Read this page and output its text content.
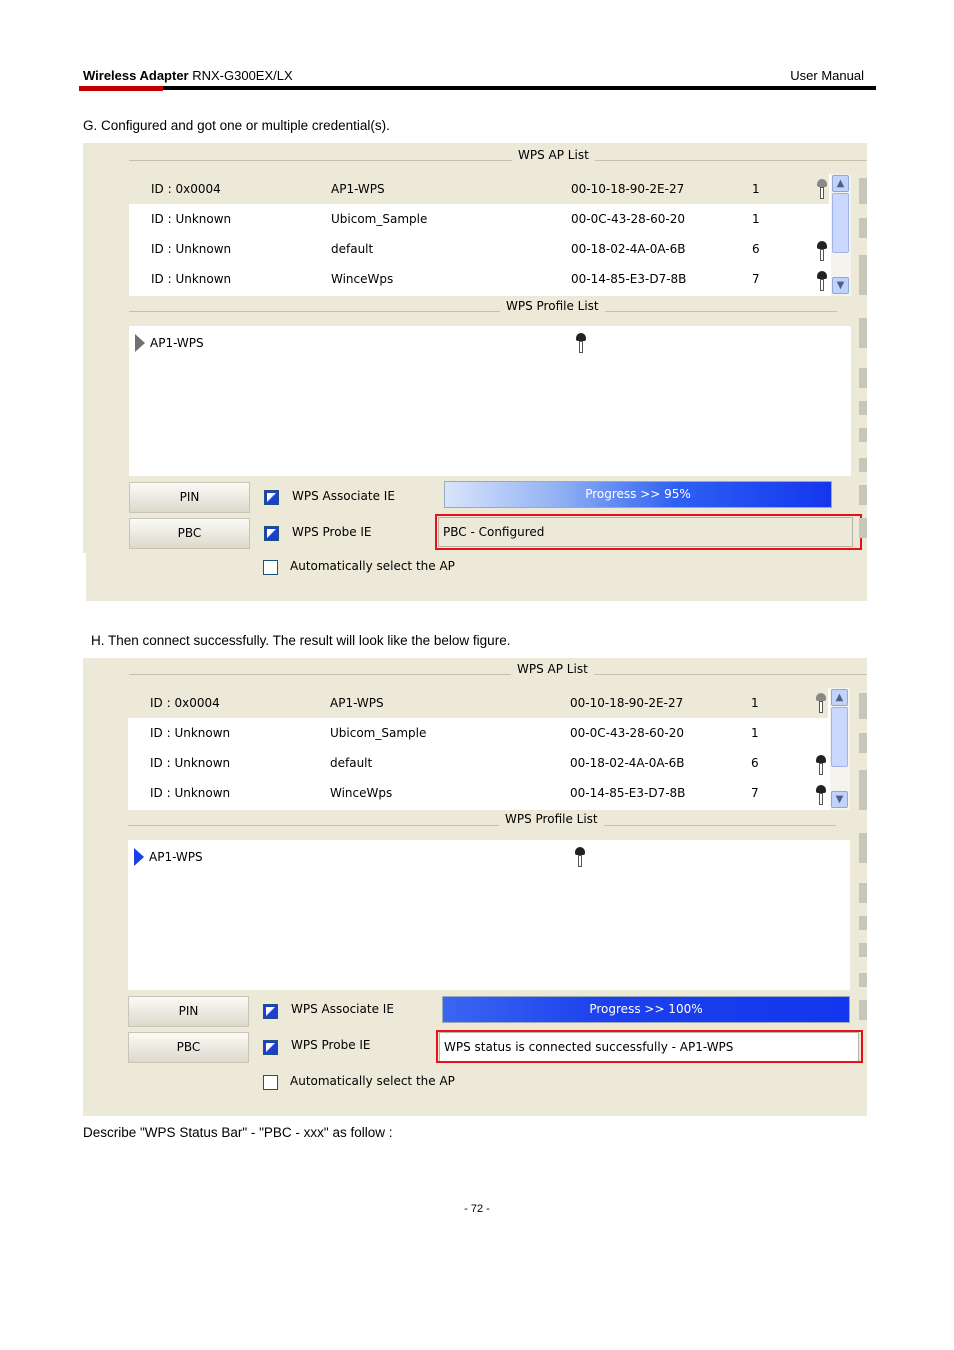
Wireless Adapter RNX-G300EX/LX	User Manual
G. Configured and got one or multiple credential(s).
WPS AP List
ID : 0x0004	AP1-WPS	00-10-18-90-2E-27	1
ID : Unknown	Ubicom_Sample	00-0C-43-28-60-20	1
ID : Unknown	default	00-18-02-4A-0A-6B	6
ID : Unknown	WinceWps	00-14-85-E3-D7-8B	7
▲
▼
WPS Profile List
AP1-WPS
PIN
PBC
WPS Associate IE
WPS Probe IE
Automatically select the AP
Progress >> 95%
PBC - Configured
H. Then connect successfully. The result will look like the below figure.
WPS AP List
ID : 0x0004	AP1-WPS	00-10-18-90-2E-27	1
ID : Unknown	Ubicom_Sample	00-0C-43-28-60-20	1
ID : Unknown	default	00-18-02-4A-0A-6B	6
ID : Unknown	WinceWps	00-14-85-E3-D7-8B	7
▲
▼
WPS Profile List
AP1-WPS
PIN
PBC
WPS Associate IE
WPS Probe IE
Automatically select the AP
Progress >> 100%
WPS status is connected successfully - AP1-WPS
Describe "WPS Status Bar" - "PBC - xxx" as follow :
- 72 -
